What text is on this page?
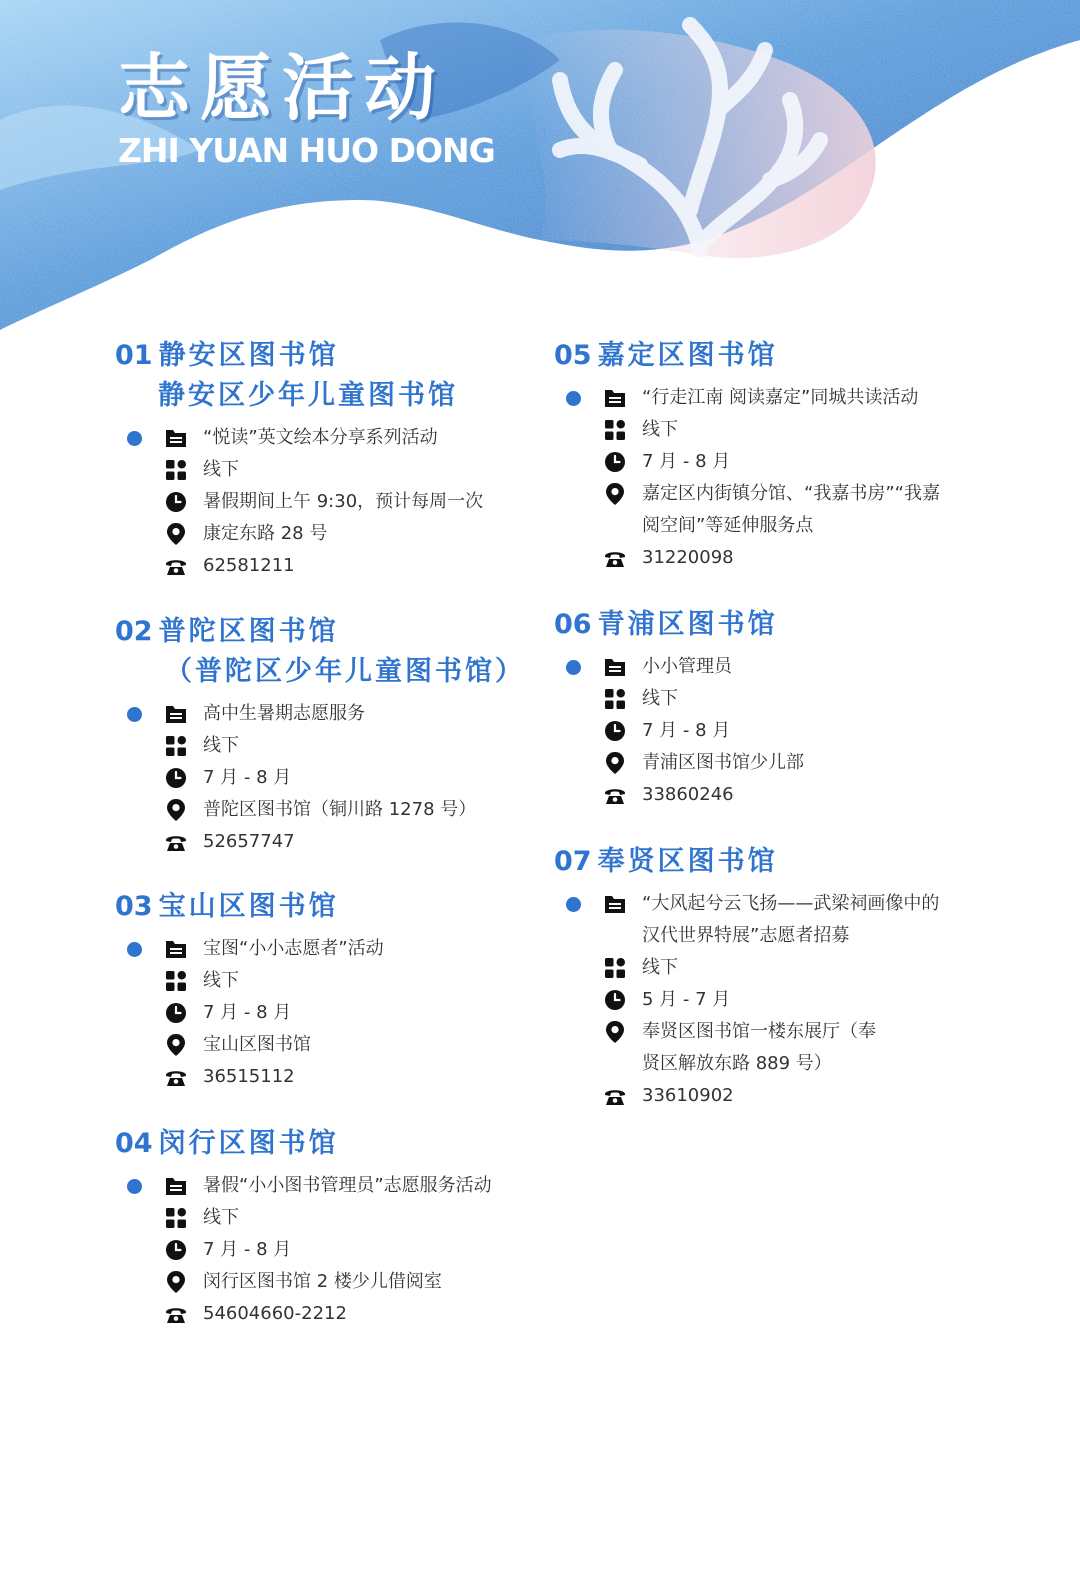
志愿活动
ZHI YUAN HUO DONG
01 静安区图书馆
静安区少年儿童图书馆
“悦读”英文绘本分享系列活动
线下
暑假期间上午 9:30，预计每周一次
康定东路 28 号
62581211
02 普陀区图书馆
（普陀区少年儿童图书馆）
高中生暑期志愿服务
线下
7 月 - 8 月
普陀区图书馆（铜川路 1278 号）
52657747
03 宝山区图书馆
宝图“小小志愿者”活动
线下
7 月 - 8 月
宝山区图书馆
36515112
04 闵行区图书馆
暑假“小小图书管理员”志愿服务活动
线下
7 月 - 8 月
闵行区图书馆 2 楼少儿借阅室
54604660-2212
05 嘉定区图书馆
“行走江南 阅读嘉定”同城共读活动
线下
7 月 - 8 月
嘉定区内街镇分馆、“我嘉书房”“我嘉阅空间”等延伸服务点
31220098
06 青浦区图书馆
小小管理员
线下
7 月 - 8 月
青浦区图书馆少儿部
33860246
07 奉贤区图书馆
“大风起兮云飞扬——武梁祠画像中的汉代世界特展”志愿者招募
线下
5 月 - 7 月
奉贤区图书馆一楼东展厅（奉贤区解放东路 889 号）
33610902
